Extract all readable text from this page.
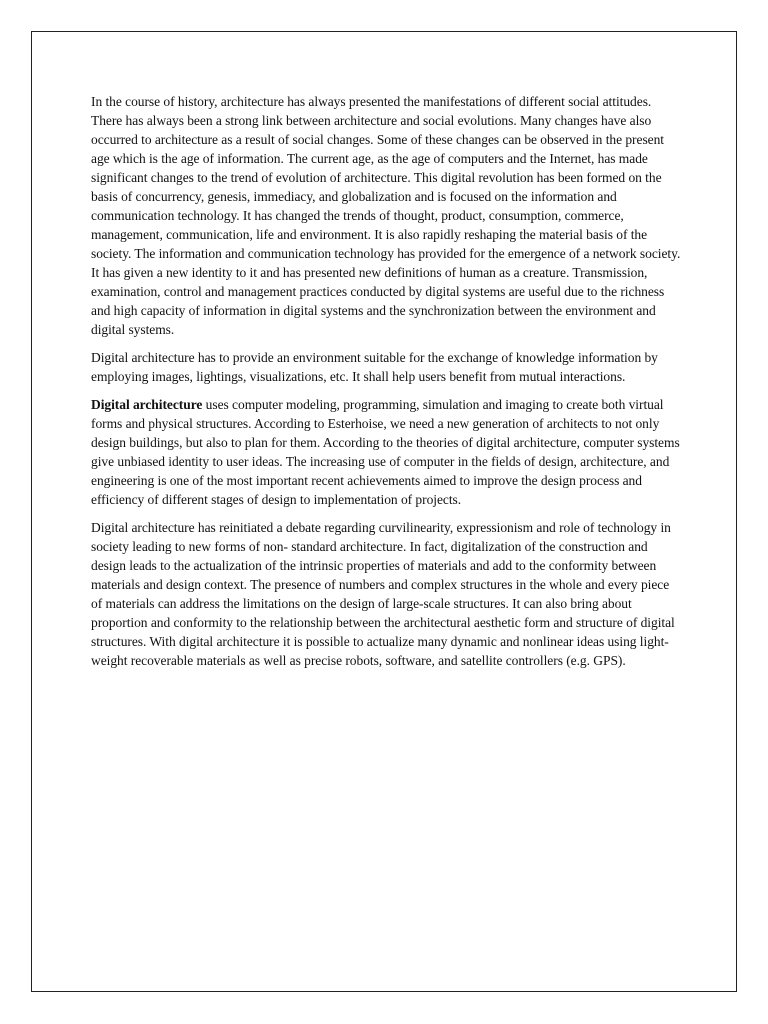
In the course of history, architecture has always presented the manifestations of different social attitudes. There has always been a strong link between architecture and social evolutions. Many changes have also occurred to architecture as a result of social changes. Some of these changes can be observed in the present age which is the age of information. The current age, as the age of computers and the Internet, has made significant changes to the trend of evolution of architecture. This digital revolution has been formed on the basis of concurrency, genesis, immediacy, and globalization and is focused on the information and communication technology. It has changed the trends of thought, product, consumption, commerce, management, communication, life and environment. It is also rapidly reshaping the material basis of the society. The information and communication technology has provided for the emergence of a network society. It has given a new identity to it and has presented new definitions of human as a creature. Transmission, examination, control and management practices conducted by digital systems are useful due to the richness and high capacity of information in digital systems and the synchronization between the environment and digital systems.

Digital architecture has to provide an environment suitable for the exchange of knowledge information by employing images, lightings, visualizations, etc. It shall help users benefit from mutual interactions.

Digital architecture uses computer modeling, programming, simulation and imaging to create both virtual forms and physical structures. According to Esterhoise, we need a new generation of architects to not only design buildings, but also to plan for them. According to the theories of digital architecture, computer systems give unbiased identity to user ideas. The increasing use of computer in the fields of design, architecture, and engineering is one of the most important recent achievements aimed to improve the design process and efficiency of different stages of design to implementation of projects.

Digital architecture has reinitiated a debate regarding curvilinearity, expressionism and role of technology in society leading to new forms of non- standard architecture. In fact, digitalization of the construction and design leads to the actualization of the intrinsic properties of materials and add to the conformity between materials and design context. The presence of numbers and complex structures in the whole and every piece of materials can address the limitations on the design of large-scale structures. It can also bring about proportion and conformity to the relationship between the architectural aesthetic form and structure of digital structures. With digital architecture it is possible to actualize many dynamic and nonlinear ideas using light-weight recoverable materials as well as precise robots, software, and satellite controllers (e.g. GPS).
